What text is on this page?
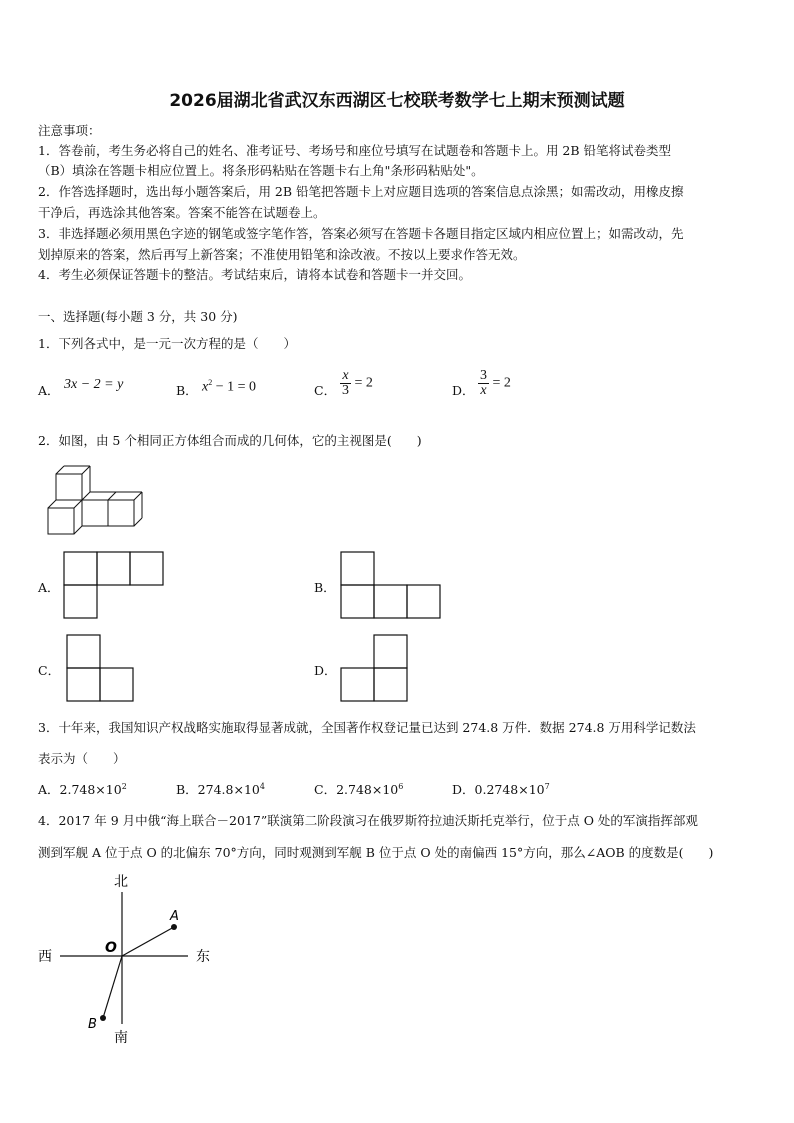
2026届湖北省武汉东西湖区七校联考数学七上期末预测试题
注意事项：
1．答卷前，考生务必将自己的姓名、准考证号、考场号和座位号填写在试题卷和答题卡上。用 2B 铅笔将试卷类型
（B）填涂在答题卡相应位置上。将条形码粘贴在答题卡右上角"条形码粘贴处"。
2．作答选择题时，选出每小题答案后，用 2B 铅笔把答题卡上对应题目选项的答案信息点涂黑；如需改动，用橡皮擦
干净后，再选涂其他答案。答案不能答在试题卷上。
3．非选择题必须用黑色字迹的钢笔或签字笔作答，答案必须写在答题卡各题目指定区域内相应位置上；如需改动，先
划掉原来的答案，然后再写上新答案；不准使用铅笔和涂改液。不按以上要求作答无效。
4．考生必须保证答题卡的整洁。考试结束后，请将本试卷和答题卡一并交回。
一、选择题(每小题 3 分，共 30 分)
1．下列各式中，是一元一次方程的是（　　）
A． 3x − 2 = y	B． $x^2 - 1 = 0$	C． $\frac{x}{3} = 2$	D． $\frac{3}{x} = 2$
2．如图，由 5 个相同正方体组合而成的几何体，它的主视图是(　　)
A．	B．
C．	D．
3．十年来，我国知识产权战略实施取得显著成就，全国著作权登记量已达到 274.8 万件．数据 274.8 万用科学记数法
表示为（　　）
A．$2.748\times 10^2$	B．$274.8\times 10^4$	C．$2.748\times 10^6$	D．$0.2748\times 10^7$
4．2017 年 9 月中俄“海上联合－2017”联演第二阶段演习在俄罗斯符拉迪沃斯托克举行，位于点 O 处的军演指挥部观
测到军舰 A 位于点 O 的北偏东 70°方向，同时观测到军舰 B 位于点 O 处的南偏西 15°方向，那么∠AOB 的度数是(　　)
北
南
东
西
O
A
B
